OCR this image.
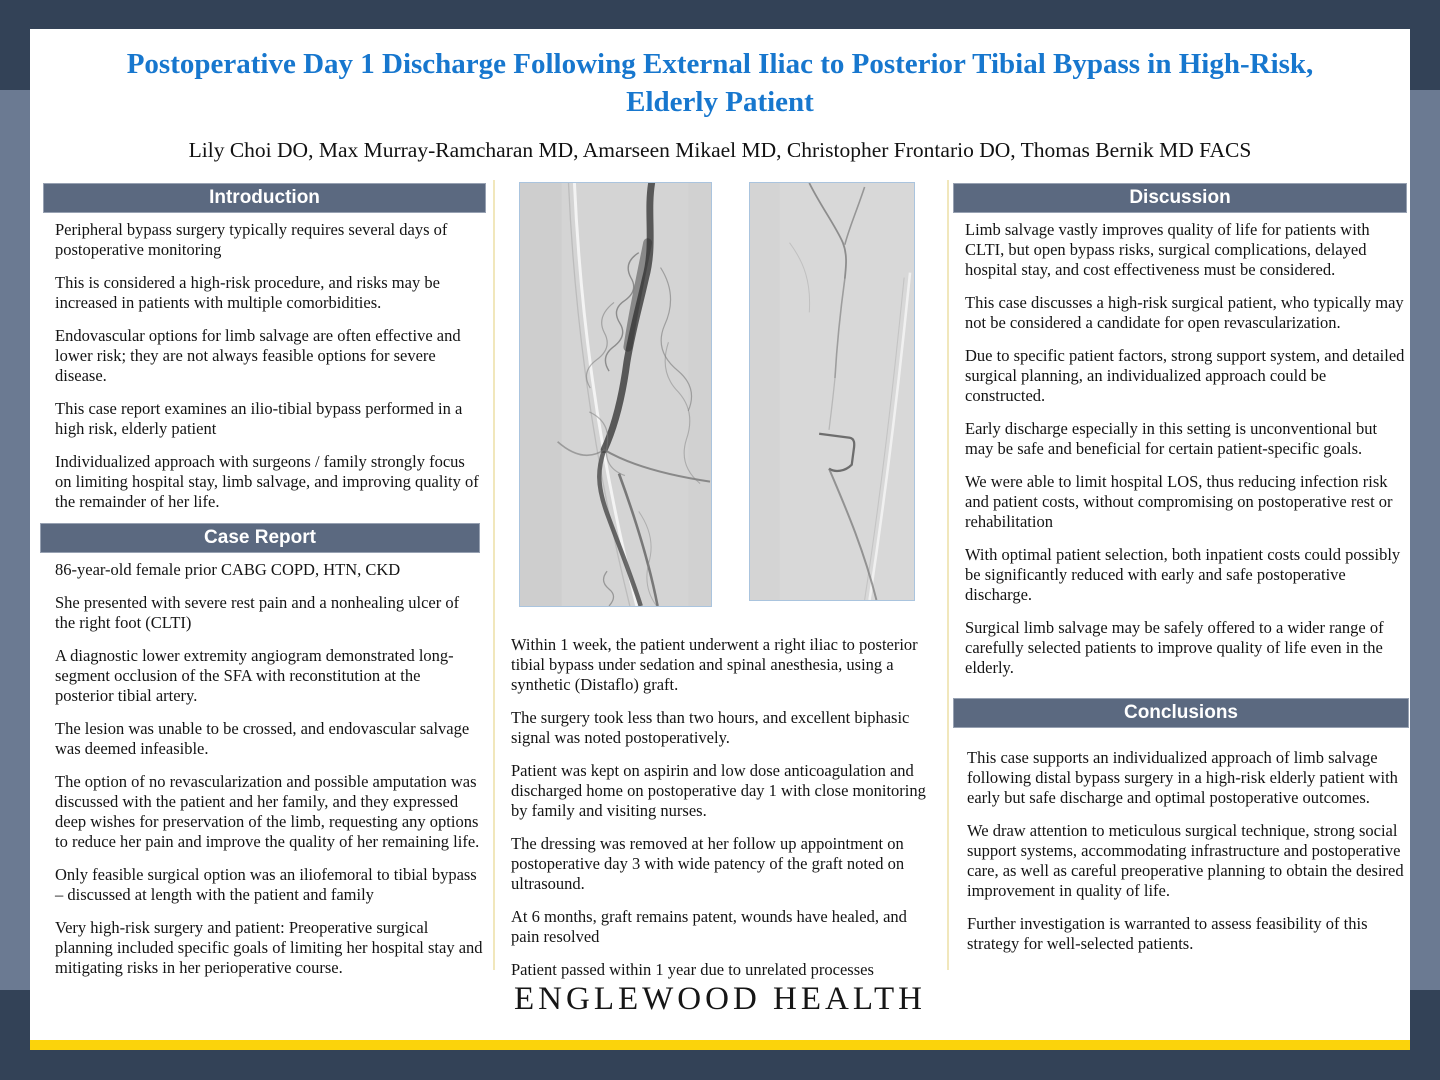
Postoperative Day 1 Discharge Following External Iliac to Posterior Tibial Bypass in High-Risk, Elderly Patient
Lily Choi DO, Max Murray-Ramcharan MD, Amarseen Mikael MD, Christopher Frontario DO, Thomas Bernik MD FACS
Introduction

Peripheral bypass surgery typically requires several days of postoperative monitoring

This is considered a high-risk procedure, and risks may be increased in patients with multiple comorbidities.

Endovascular options for limb salvage are often effective and lower risk; they are not always feasible options for severe disease.

This case report examines an ilio-tibial bypass performed in a high risk, elderly patient

Individualized approach with surgeons / family strongly focus on limiting hospital stay, limb salvage, and improving quality of the remainder of her life.

Case Report

86-year-old female prior CABG COPD, HTN, CKD

She presented with severe rest pain and a nonhealing ulcer of the right foot (CLTI)

A diagnostic lower extremity angiogram demonstrated long-segment occlusion of the SFA with reconstitution at the posterior tibial artery.

The lesion was unable to be crossed, and endovascular salvage was deemed infeasible.

The option of no revascularization and possible amputation was discussed with the patient and her family, and they expressed deep wishes for preservation of the limb, requesting any options to reduce her pain and improve the quality of her remaining life.

Only feasible surgical option was an iliofemoral to tibial bypass – discussed at length with the patient and family

Very high-risk surgery and patient: Preoperative surgical planning included specific goals of limiting her hospital stay and mitigating risks in her perioperative course.

Within 1 week, the patient underwent a right iliac to posterior tibial bypass under sedation and spinal anesthesia, using a synthetic (Distaflo) graft.

The surgery took less than two hours, and excellent biphasic signal was noted postoperatively.

Patient was kept on aspirin and low dose anticoagulation and discharged home on postoperative day 1 with close monitoring by family and visiting nurses.

The dressing was removed at her follow up appointment on postoperative day 3 with wide patency of the graft noted on ultrasound.

At 6 months, graft remains patent, wounds have healed, and pain resolved

Patient passed within 1 year due to unrelated processes

Discussion

Limb salvage vastly improves quality of life for patients with CLTI, but open bypass risks, surgical complications, delayed hospital stay, and cost effectiveness must be considered.

This case discusses a high-risk surgical patient, who typically may not be considered a candidate for open revascularization.

Due to specific patient factors, strong support system, and detailed surgical planning, an individualized approach could be constructed.

Early discharge especially in this setting is unconventional but may be safe and beneficial for certain patient-specific goals.

We were able to limit hospital LOS, thus reducing infection risk and patient costs, without compromising on postoperative rest or rehabilitation

With optimal patient selection, both inpatient costs could possibly be significantly reduced with early and safe postoperative discharge.

Surgical limb salvage may be safely offered to a wider range of carefully selected patients to improve quality of life even in the elderly.

Conclusions

This case supports an individualized approach of limb salvage following distal bypass surgery in a high-risk elderly patient with early but safe discharge and optimal postoperative outcomes.

We draw attention to meticulous surgical technique, strong social support systems, accommodating infrastructure and postoperative care, as well as careful preoperative planning to obtain the desired improvement in quality of life.

Further investigation is warranted to assess feasibility of this strategy for well-selected patients.

ENGLEWOOD HEALTH
